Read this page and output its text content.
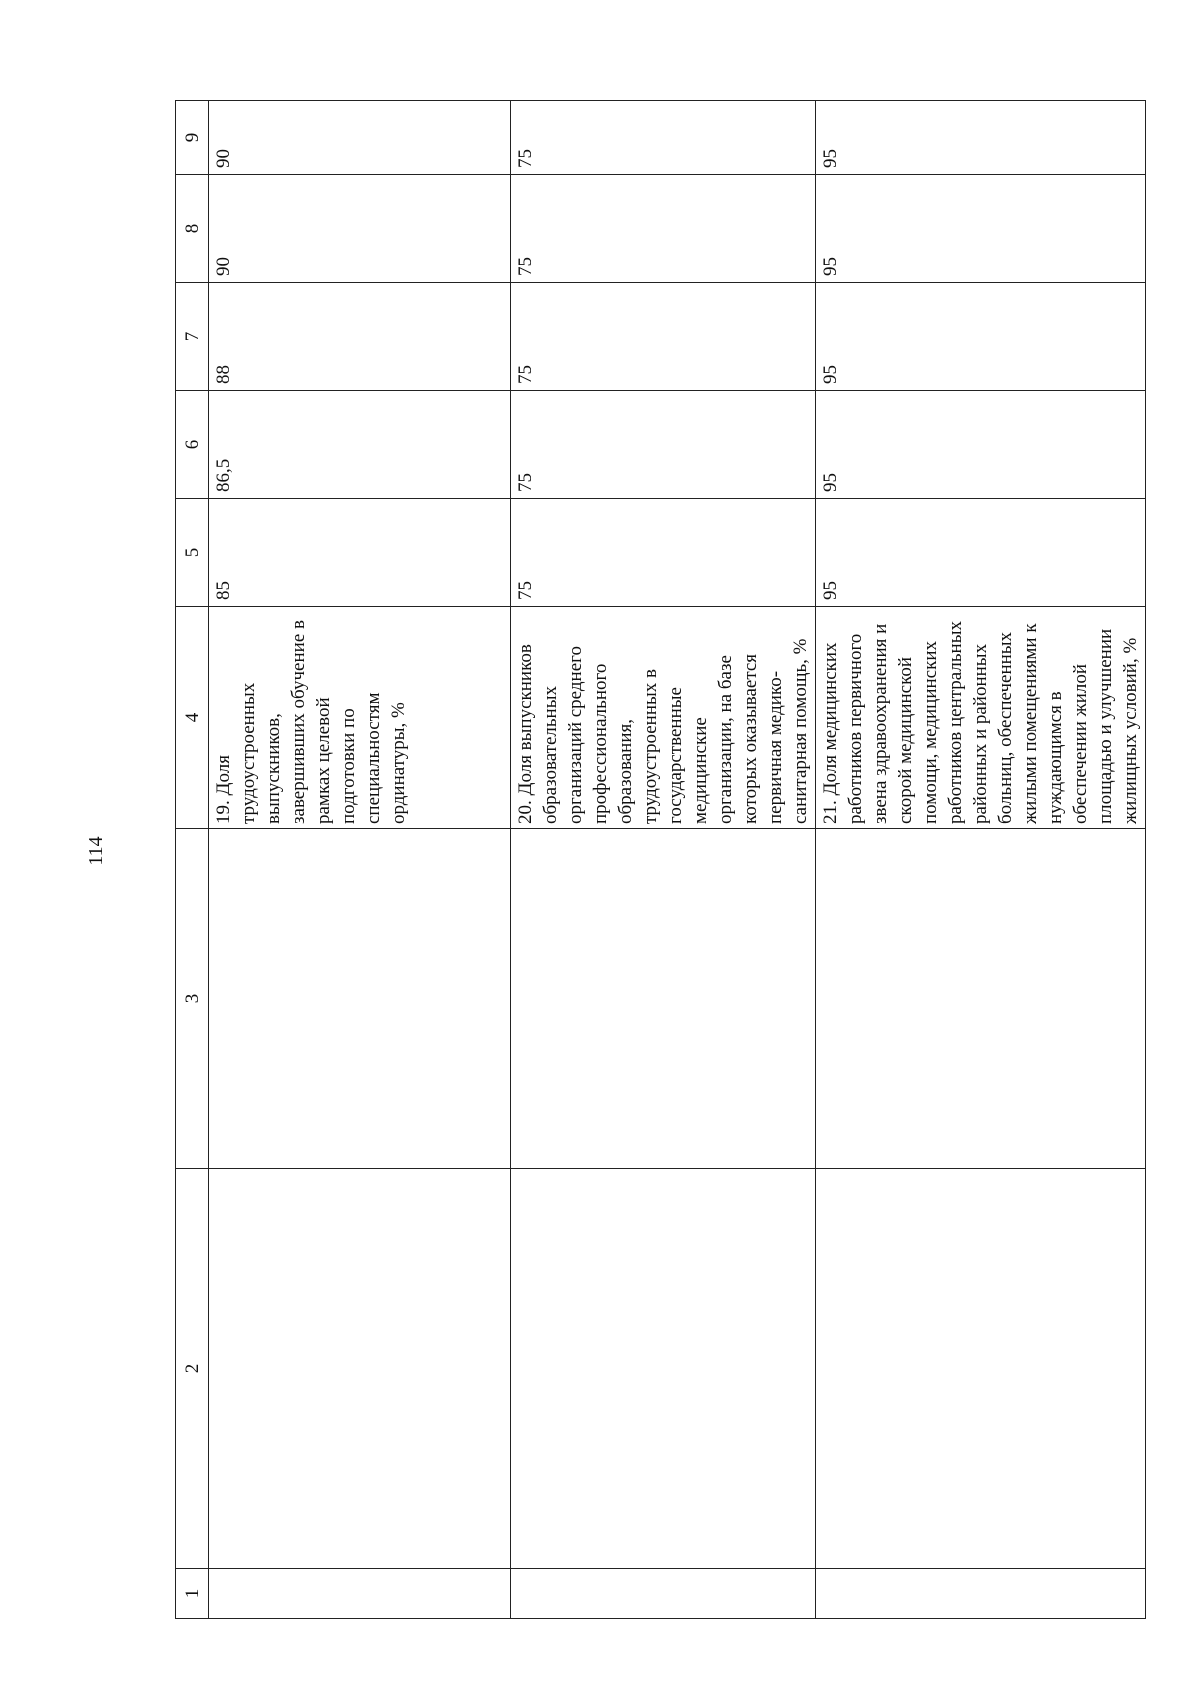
114
1	2	3	4	5	6	7	8	9
			19. Доля трудоустроенных выпускников, завершивших обучение в рамках целевой подготовки по специальностям ординатуры, %	85	86,5	88	90	90
			20. Доля выпускников образовательных организаций среднего профессионального образования, трудоустроенных в государственные медицинские организации, на базе которых оказывается первичная медико-санитарная помощь, %	75	75	75	75	75
			21. Доля медицинских работников первичного звена здравоохранения и скорой медицинской помощи, медицинских работников центральных районных и районных больниц, обеспеченных жилыми помещениями к нуждающимся в обеспечении жилой площадью и улучшении жилищных условий, %	95	95	95	95	95
